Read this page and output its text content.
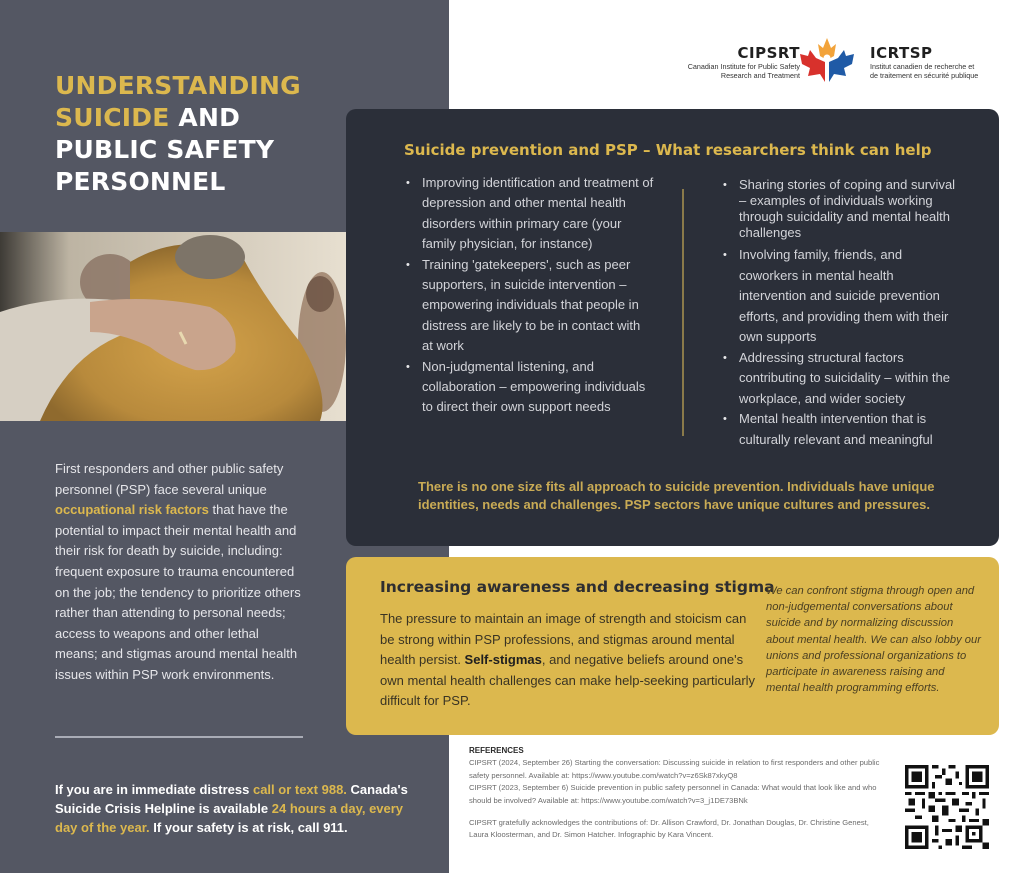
UNDERSTANDING
SUICIDE AND
PUBLIC SAFETY
PERSONNEL

First responders and other public safety personnel (PSP) face several unique occupational risk factors that have the potential to impact their mental health and their risk for death by suicide, including: frequent exposure to trauma encountered on the job; the tendency to prioritize others rather than attending to personal needs; access to weapons and other lethal means; and stigmas around mental health issues within PSP work environments.

If you are in immediate distress call or text 988. Canada's Suicide Crisis Helpline is available 24 hours a day, every day of the year. If your safety is at risk, call 911.

CIPSRT
Canadian Institute for Public Safety
Research and Treatment
ICRTSP
Institut canadien de recherche et
de traitement en sécurité publique
Suicide prevention and PSP – What researchers think can help
• Improving identification and treatment of depression and other mental health disorders within primary care (your family physician, for instance)
• Training 'gatekeepers', such as peer supporters, in suicide intervention – empowering individuals that people in distress are likely to be in contact with at work
• Non-judgmental listening, and collaboration – empowering individuals to direct their own support needs
• Sharing stories of coping and survival – examples of individuals working through suicidality and mental health challenges
• Involving family, friends, and coworkers in mental health intervention and suicide prevention efforts, and providing them with their own supports
• Addressing structural factors contributing to suicidality – within the workplace, and wider society
• Mental health intervention that is culturally relevant and meaningful

There is no one size fits all approach to suicide prevention. Individuals have unique identities, needs and challenges. PSP sectors have unique cultures and pressures.

Increasing awareness and decreasing stigma

The pressure to maintain an image of strength and stoicism can be strong within PSP professions, and stigmas around mental health persist. Self-stigmas, and negative beliefs around one's own mental health challenges can make help-seeking particularly difficult for PSP.

We can confront stigma through open and non-judgemental conversations about suicide and by normalizing discussion about mental health. We can also lobby our unions and professional organizations to participate in awareness raising and mental health programming efforts.

REFERENCES
CIPSRT (2024, September 26) Starting the conversation: Discussing suicide in relation to first responders and other public safety personnel. Available at: https://www.youtube.com/watch?v=z6Sk87xkyQ8
CIPSRT (2023, September 6) Suicide prevention in public safety personnel in Canada: What would that look like and who should be involved? Available at: https://www.youtube.com/watch?v=3_j1DE73BNk
CIPSRT gratefully acknowledges the contributions of: Dr. Allison Crawford, Dr. Jonathan Douglas, Dr. Christine Genest, Laura Kloosterman, and Dr. Simon Hatcher. Infographic by Kara Vincent.
